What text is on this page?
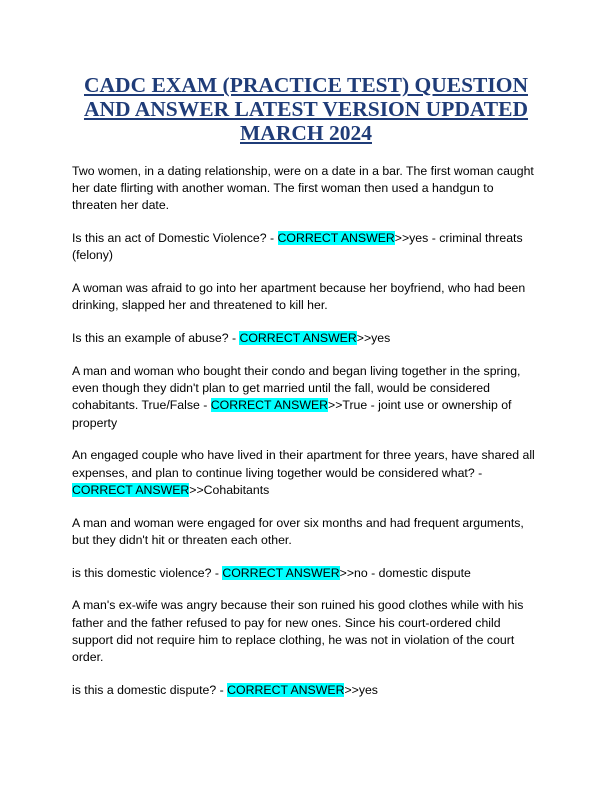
CADC EXAM (PRACTICE TEST) QUESTION AND ANSWER LATEST VERSION UPDATED MARCH 2024

Two women, in a dating relationship, were on a date in a bar. The first woman caught her date flirting with another woman. The first woman then used a handgun to threaten her date.

Is this an act of Domestic Violence? - CORRECT ANSWER>>yes - criminal threats (felony)

A woman was afraid to go into her apartment because her boyfriend, who had been drinking, slapped her and threatened to kill her.

Is this an example of abuse? - CORRECT ANSWER>>yes

A man and woman who bought their condo and began living together in the spring, even though they didn't plan to get married until the fall, would be considered cohabitants. True/False - CORRECT ANSWER>>True - joint use or ownership of property

An engaged couple who have lived in their apartment for three years, have shared all expenses, and plan to continue living together would be considered what? - CORRECT ANSWER>>Cohabitants

A man and woman were engaged for over six months and had frequent arguments, but they didn't hit or threaten each other.

is this domestic violence? - CORRECT ANSWER>>no - domestic dispute

A man's ex-wife was angry because their son ruined his good clothes while with his father and the father refused to pay for new ones. Since his court-ordered child support did not require him to replace clothing, he was not in violation of the court order.

is this a domestic dispute? - CORRECT ANSWER>>yes
